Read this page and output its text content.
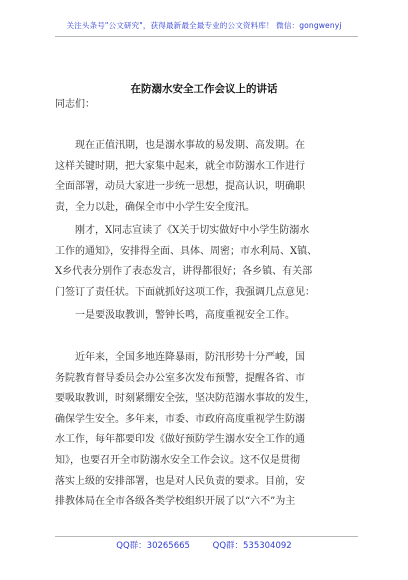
关注头条号"公文研究"，获得最新最全最专业的公文资料库！ 微信：gongwenyj
在防溺水安全工作会议上的讲话
同志们：
　　现在正值汛期，也是溺水事故的易发期、高发期。在
这样关键时期，把大家集中起来，就全市防溺水工作进行
全面部署，动员大家进一步统一思想，提高认识，明确职
责，全力以赴，确保全市中小学生安全度汛。
　　刚才，X同志宣读了《X关于切实做好中小学生防溺水
工作的通知》，安排得全面、具体、周密；市水利局、X镇、
X乡代表分别作了表态发言，讲得都很好；各乡镇、有关部
门签订了责任状。下面就抓好这项工作，我强调几点意见：
　　一是要汲取教训，警钟长鸣，高度重视安全工作。
　　近年来，全国多地连降暴雨，防汛形势十分严峻，国
务院教育督导委员会办公室多次发布预警，提醒各省、市
要吸取教训，时刻紧绷安全弦，坚决防范溺水事故的发生，
确保学生安全。多年来，市委、市政府高度重视学生防溺
水工作，每年都要印发《做好预防学生溺水安全工作的通
知》，也要召开全市防溺水安全工作会议。这不仅是贯彻
落实上级的安排部署，也是对人民负责的要求。目前，安
排教体局在全市各级各类学校组织开展了以“六不”为主
QQ群：30265665	QQ群：535304092
